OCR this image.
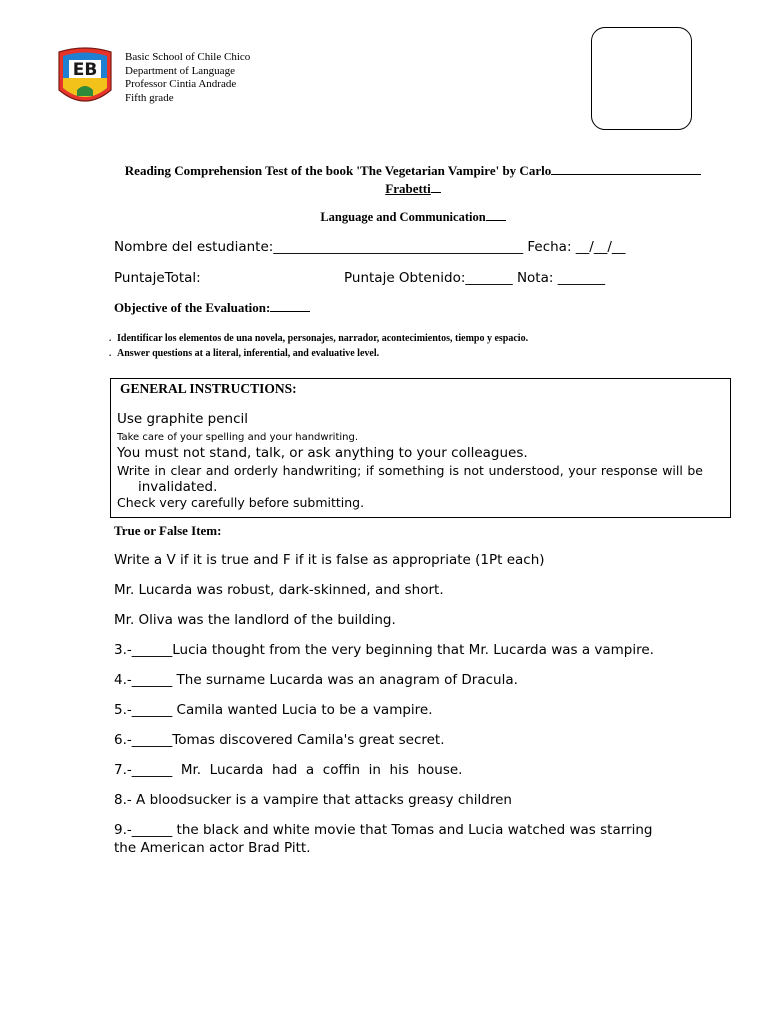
EB
Basic School of Chile Chico
Department of Language
Professor Cintia Andrade
Fifth grade
Reading Comprehension Test of the book 'The Vegetarian Vampire' by Carlo
Frabetti
Language and Communication
Nombre del estudiante:_____________________________________ Fecha: __/__/__
PuntajeTotal:	Puntaje Obtenido:_______ Nota: _______
Objective of the Evaluation:
. Identificar los elementos de una novela, personajes, narrador, acontecimientos, tiempo y espacio.
. Answer questions at a literal, inferential, and evaluative level.
GENERAL INSTRUCTIONS:
. Use graphite pencil
. Take care of your spelling and your handwriting.
. You must not stand, talk, or ask anything to your colleagues.
. Write in clear and orderly handwriting; if something is not understood, your response will be
invalidated.
. Check very carefully before submitting.
True or False Item:
Write a V if it is true and F if it is false as appropriate (1Pt each)
Mr. Lucarda was robust, dark-skinned, and short.
Mr. Oliva was the landlord of the building.
3.-______Lucia thought from the very beginning that Mr. Lucarda was a vampire.
4.-______ The surname Lucarda was an anagram of Dracula.
5.-______ Camila wanted Lucia to be a vampire.
6.-______Tomas discovered Camila's great secret.
7.-______  Mr.  Lucarda  had  a  coffin  in  his  house.
8.- A bloodsucker is a vampire that attacks greasy children
9.-______ the black and white movie that Tomas and Lucia watched was starring
the American actor Brad Pitt.
